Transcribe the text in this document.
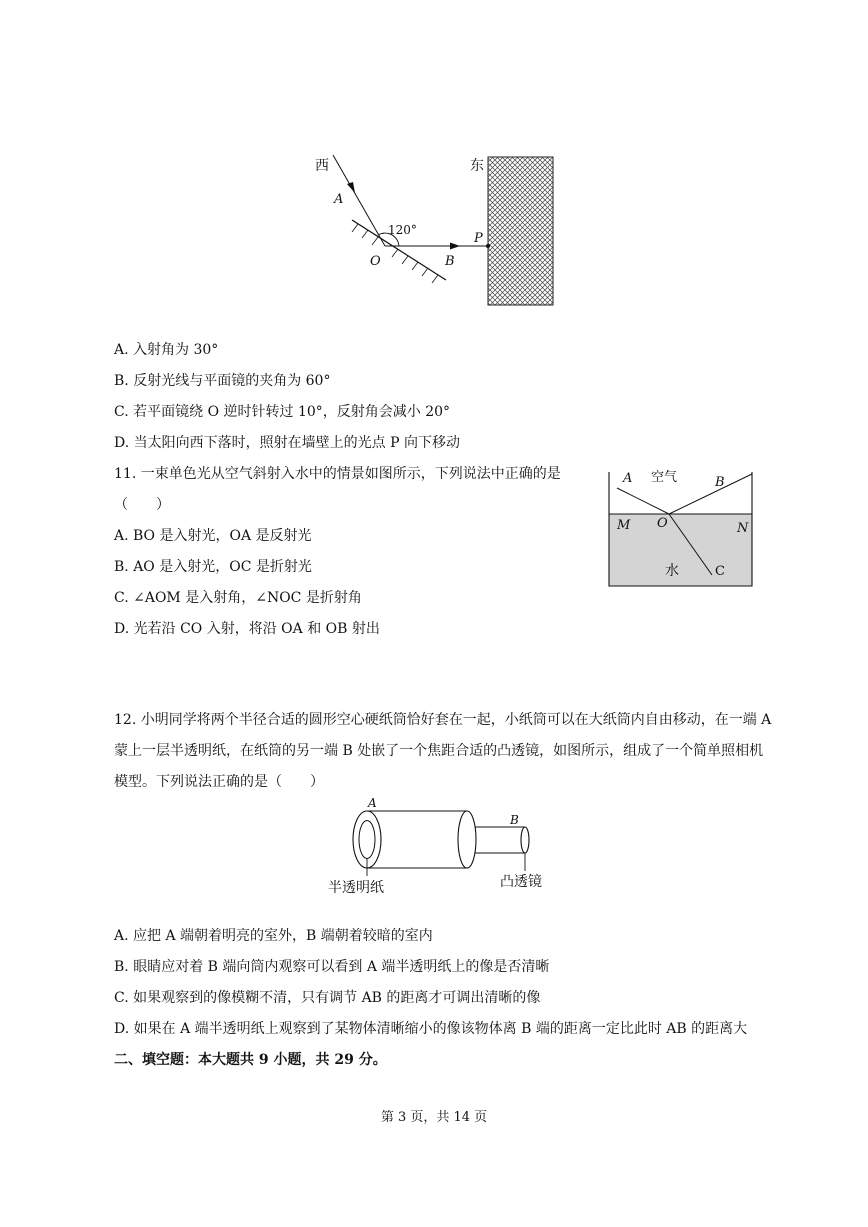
西	东
A
120°
O	B
P
A. 入射角为 30°
B. 反射光线与平面镜的夹角为 60°
C. 若平面镜绕 O 逆时针转过 10°，反射角会减小 20°
D. 当太阳向西下落时，照射在墙壁上的光点 P 向下移动
11. 一束单色光从空气斜射入水中的情景如图所示，下列说法中正确的是
（　　）
A. BO 是入射光，OA 是反射光
B. AO 是入射光，OC 是折射光
C. ∠AOM 是入射角，∠NOC 是折射角
D. 光若沿 CO 入射，将沿 OA 和 OB 射出
A 空气	B
M O	N
水	C
12. 小明同学将两个半径合适的圆形空心硬纸筒恰好套在一起，小纸筒可以在大纸筒内自由移动，在一端 A
蒙上一层半透明纸，在纸筒的另一端 B 处嵌了一个焦距合适的凸透镜，如图所示，组成了一个简单照相机
模型。下列说法正确的是（　　）
A
B
半透明纸	凸透镜
A. 应把 A 端朝着明亮的室外，B 端朝着较暗的室内
B. 眼睛应对着 B 端向筒内观察可以看到 A 端半透明纸上的像是否清晰
C. 如果观察到的像模糊不清，只有调节 AB 的距离才可调出清晰的像
D. 如果在 A 端半透明纸上观察到了某物体清晰缩小的像该物体离 B 端的距离一定比此时 AB 的距离大
二、填空题：本大题共 9 小题，共 29 分。
第 3 页，共 14 页
